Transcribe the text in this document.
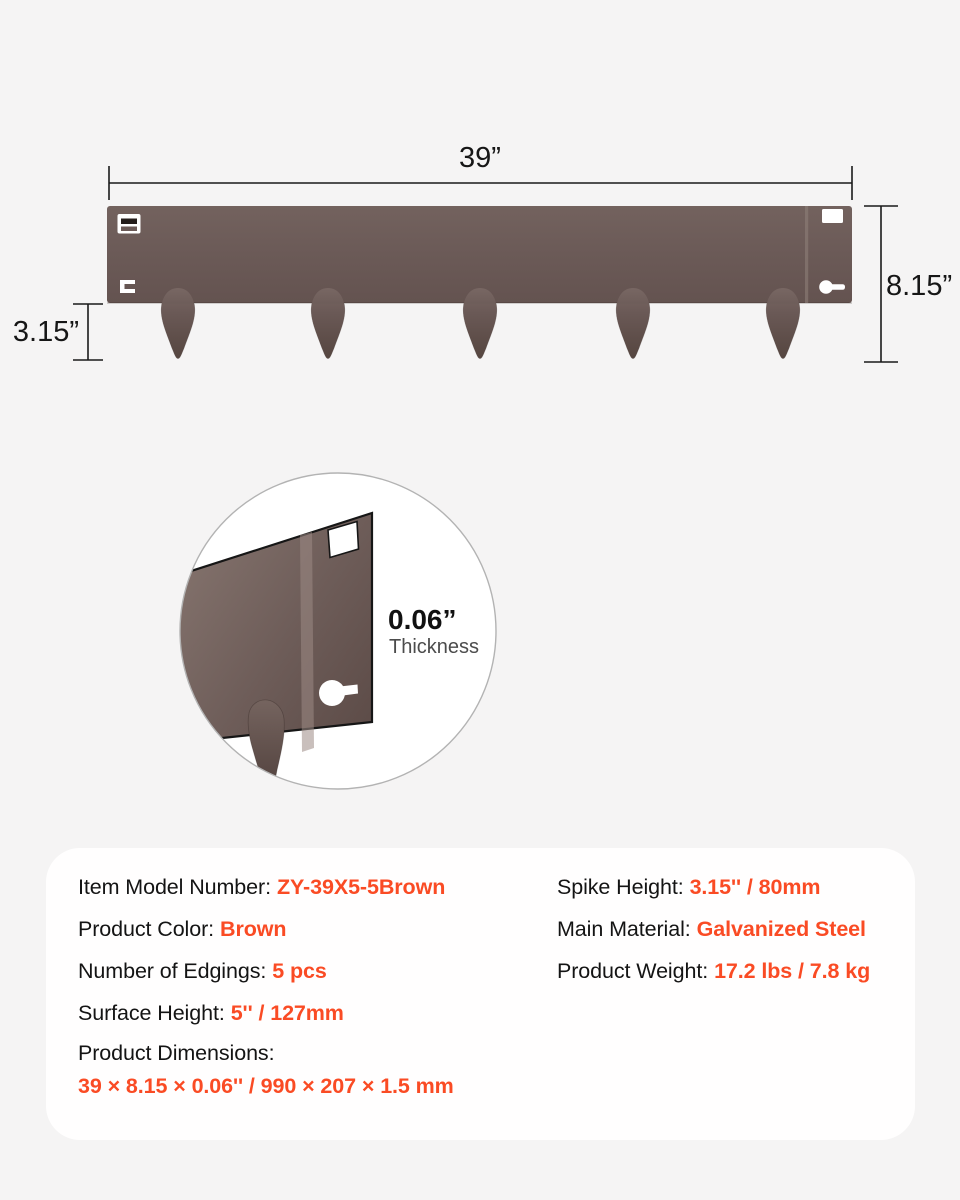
39”
8.15”
3.15”
0.06”
Thickness
Item Model Number: ZY-39X5-5Brown
Product Color: Brown
Number of Edgings: 5 pcs
Surface Height: 5'' / 127mm
Product Dimensions:
39 × 8.15 × 0.06'' / 990 × 207 × 1.5 mm
Spike Height: 3.15'' / 80mm
Main Material: Galvanized Steel
Product Weight: 17.2 lbs / 7.8 kg
